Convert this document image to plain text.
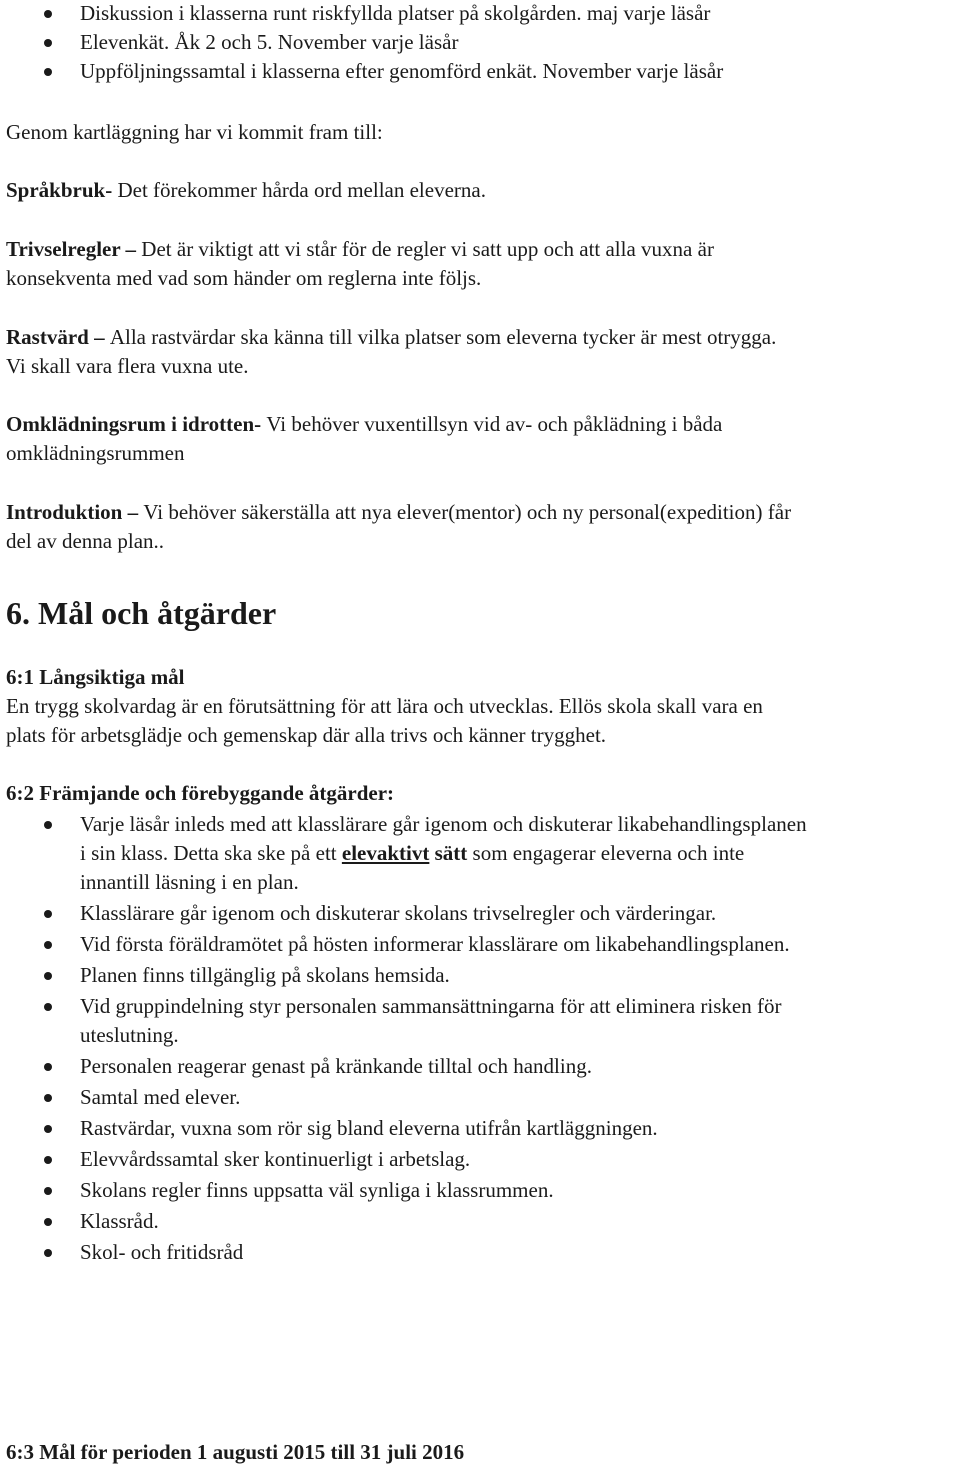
Diskussion i klasserna runt riskfyllda platser på skolgården. maj varje läsår
Elevenkät. Åk 2 och 5. November varje läsår
Uppföljningssamtal i klasserna efter genomförd enkät. November varje läsår
Genom kartläggning har vi kommit fram till:
Språkbruk- Det förekommer hårda ord mellan eleverna.
Trivselregler – Det är viktigt att vi står för de regler vi satt upp och att alla vuxna är
konsekventa med vad som händer om reglerna inte följs.
Rastvärd – Alla rastvärdar ska känna till vilka platser som eleverna tycker är mest otrygga.
Vi skall vara flera vuxna ute.
Omklädningsrum i idrotten- Vi behöver vuxentillsyn vid av- och påklädning i båda
omklädningsrummen
Introduktion – Vi behöver säkerställa att nya elever(mentor) och ny personal(expedition) får
del av denna plan..
6. Mål och åtgärder
6:1 Långsiktiga mål
En trygg skolvardag är en förutsättning för att lära och utvecklas. Ellös skola skall vara en
plats för arbetsglädje och gemenskap där alla trivs och känner trygghet.
6:2 Främjande och förebyggande åtgärder:
Varje läsår inleds med att klasslärare går igenom och diskuterar likabehandlingsplanen
i sin klass. Detta ska ske på ett elevaktivt sätt som engagerar eleverna och inte
innantill läsning i en plan.
Klasslärare går igenom och diskuterar skolans trivselregler och värderingar.
Vid första föräldramötet på hösten informerar klasslärare om likabehandlingsplanen.
Planen finns tillgänglig på skolans hemsida.
Vid gruppindelning styr personalen sammansättningarna för att eliminera risken för
uteslutning.
Personalen reagerar genast på kränkande tilltal och handling.
Samtal med elever.
Rastvärdar, vuxna som rör sig bland eleverna utifrån kartläggningen.
Elevvårdssamtal sker kontinuerligt i arbetslag.
Skolans regler finns uppsatta väl synliga i klassrummen.
Klassråd.
Skol- och fritidsråd
6:3 Mål för perioden 1 augusti 2015 till 31 juli 2016
